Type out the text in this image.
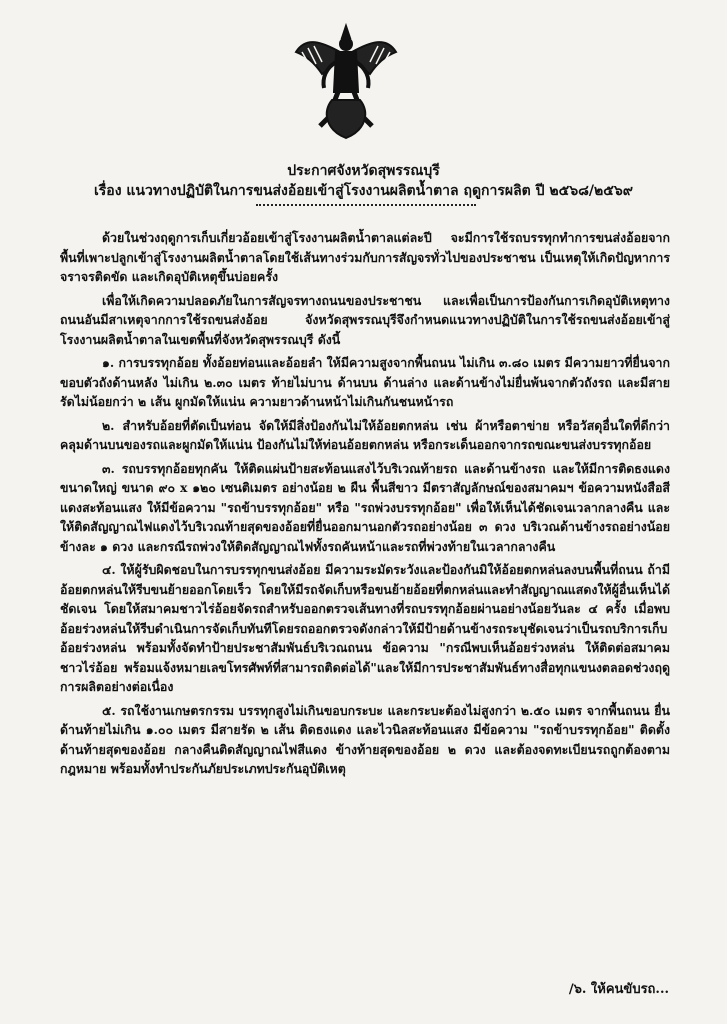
ประกาศจังหวัดสุพรรณบุรี
เรื่อง แนวทางปฏิบัติในการขนส่งอ้อยเข้าสู่โรงงานผลิตน้ำตาล ฤดูการผลิต ปี ๒๕๖๘/๒๕๖๙

ด้วยในช่วงฤดูการเก็บเกี่ยวอ้อยเข้าสู่โรงงานผลิตน้ำตาลแต่ละปี จะมีการใช้รถบรรทุกทำการขนส่งอ้อยจากพื้นที่เพาะปลูกเข้าสู่โรงงานผลิตน้ำตาลโดยใช้เส้นทางร่วมกับการสัญจรทั่วไปของประชาชน เป็นเหตุให้เกิดปัญหาการจราจรติดขัด และเกิดอุบัติเหตุขึ้นบ่อยครั้ง

เพื่อให้เกิดความปลอดภัยในการสัญจรทางถนนของประชาชน และเพื่อเป็นการป้องกันการเกิดอุบัติเหตุทางถนนอันมีสาเหตุจากการใช้รถขนส่งอ้อย จังหวัดสุพรรณบุรีจึงกำหนดแนวทางปฏิบัติในการใช้รถขนส่งอ้อยเข้าสู่โรงงานผลิตน้ำตาลในเขตพื้นที่จังหวัดสุพรรณบุรี ดังนี้

๑. การบรรทุกอ้อย ทั้งอ้อยท่อนและอ้อยลำ ให้มีความสูงจากพื้นถนน ไม่เกิน ๓.๘๐ เมตร มีความยาวที่ยื่นจากขอบตัวถังด้านหลัง ไม่เกิน ๒.๓๐ เมตร ท้ายไม่บาน ด้านบน ด้านล่าง และด้านข้างไม่ยื่นพ้นจากตัวถังรถ และมีสายรัดไม่น้อยกว่า ๒ เส้น ผูกมัดให้แน่น ความยาวด้านหน้าไม่เกินกันชนหน้ารถ

๒. สำหรับอ้อยที่ตัดเป็นท่อน จัดให้มีสิ่งป้องกันไม่ให้อ้อยตกหล่น เช่น ผ้าหรือตาข่าย หรือวัสดุอื่นใดที่ดีกว่าคลุมด้านบนของรถและผูกมัดให้แน่น ป้องกันไม่ให้ท่อนอ้อยตกหล่น หรือกระเด็นออกจากรถขณะขนส่งบรรทุกอ้อย

๓. รถบรรทุกอ้อยทุกคัน ให้ติดแผ่นป้ายสะท้อนแสงไว้บริเวณท้ายรถ และด้านข้างรถ และให้มีการติดธงแดงขนาดใหญ่ ขนาด ๙๐ x ๑๒๐ เซนติเมตร อย่างน้อย ๒ ผืน พื้นสีขาว มีตราสัญลักษณ์ของสมาคมฯ ข้อความหนังสือสีแดงสะท้อนแสง ให้มีข้อความ "รถข้าบรรทุกอ้อย" หรือ "รถพ่วงบรรทุกอ้อย" เพื่อให้เห็นได้ชัดเจนเวลากลางคืน และให้ติดสัญญาณไฟแดงไว้บริเวณท้ายสุดของอ้อยที่ยื่นออกมานอกตัวรถอย่างน้อย ๓ ดวง บริเวณด้านข้างรถอย่างน้อยข้างละ ๑ ดวง และกรณีรถพ่วงให้ติดสัญญาณไฟทั้งรถคันหน้าและรถที่พ่วงท้ายในเวลากลางคืน

๔. ให้ผู้รับผิดชอบในการบรรทุกขนส่งอ้อย มีความระมัดระวังและป้องกันมิให้อ้อยตกหล่นลงบนพื้นที่ถนน ถ้ามีอ้อยตกหล่นให้รีบขนย้ายออกโดยเร็ว โดยให้มีรถจัดเก็บหรือขนย้ายอ้อยที่ตกหล่นและทำสัญญาณแสดงให้ผู้อื่นเห็นได้ชัดเจน โดยให้สมาคมชาวไร่อ้อยจัดรถสำหรับออกตรวจเส้นทางที่รถบรรทุกอ้อยผ่านอย่างน้อยวันละ ๔ ครั้ง เมื่อพบอ้อยร่วงหล่นให้รีบดำเนินการจัดเก็บทันทีโดยรถออกตรวจดังกล่าวให้มีป้ายด้านข้างรถระบุชัดเจนว่าเป็นรถบริการเก็บอ้อยร่วงหล่น พร้อมทั้งจัดทำป้ายประชาสัมพันธ์บริเวณถนน ข้อความ "กรณีพบเห็นอ้อยร่วงหล่น ให้ติดต่อสมาคมชาวไร่อ้อย พร้อมแจ้งหมายเลขโทรศัพท์ที่สามารถติดต่อได้"และให้มีการประชาสัมพันธ์ทางสื่อทุกแขนงตลอดช่วงฤดูการผลิตอย่างต่อเนื่อง

๕. รถใช้งานเกษตรกรรม บรรทุกสูงไม่เกินขอบกระบะ และกระบะต้องไม่สูงกว่า ๒.๕๐ เมตร จากพื้นถนน ยื่นด้านท้ายไม่เกิน ๑.๐๐ เมตร มีสายรัด ๒ เส้น ติดธงแดง และไวนิลสะท้อนแสง มีข้อความ "รถข้าบรรทุกอ้อย" ติดตั้งด้านท้ายสุดของอ้อย กลางคืนติดสัญญาณไฟสีแดง ข้างท้ายสุดของอ้อย ๒ ดวง และต้องจดทะเบียนรถถูกต้องตามกฎหมาย พร้อมทั้งทำประกันภัยประเภทประกันอุบัติเหตุ

/๖. ให้คนขับรถ...
